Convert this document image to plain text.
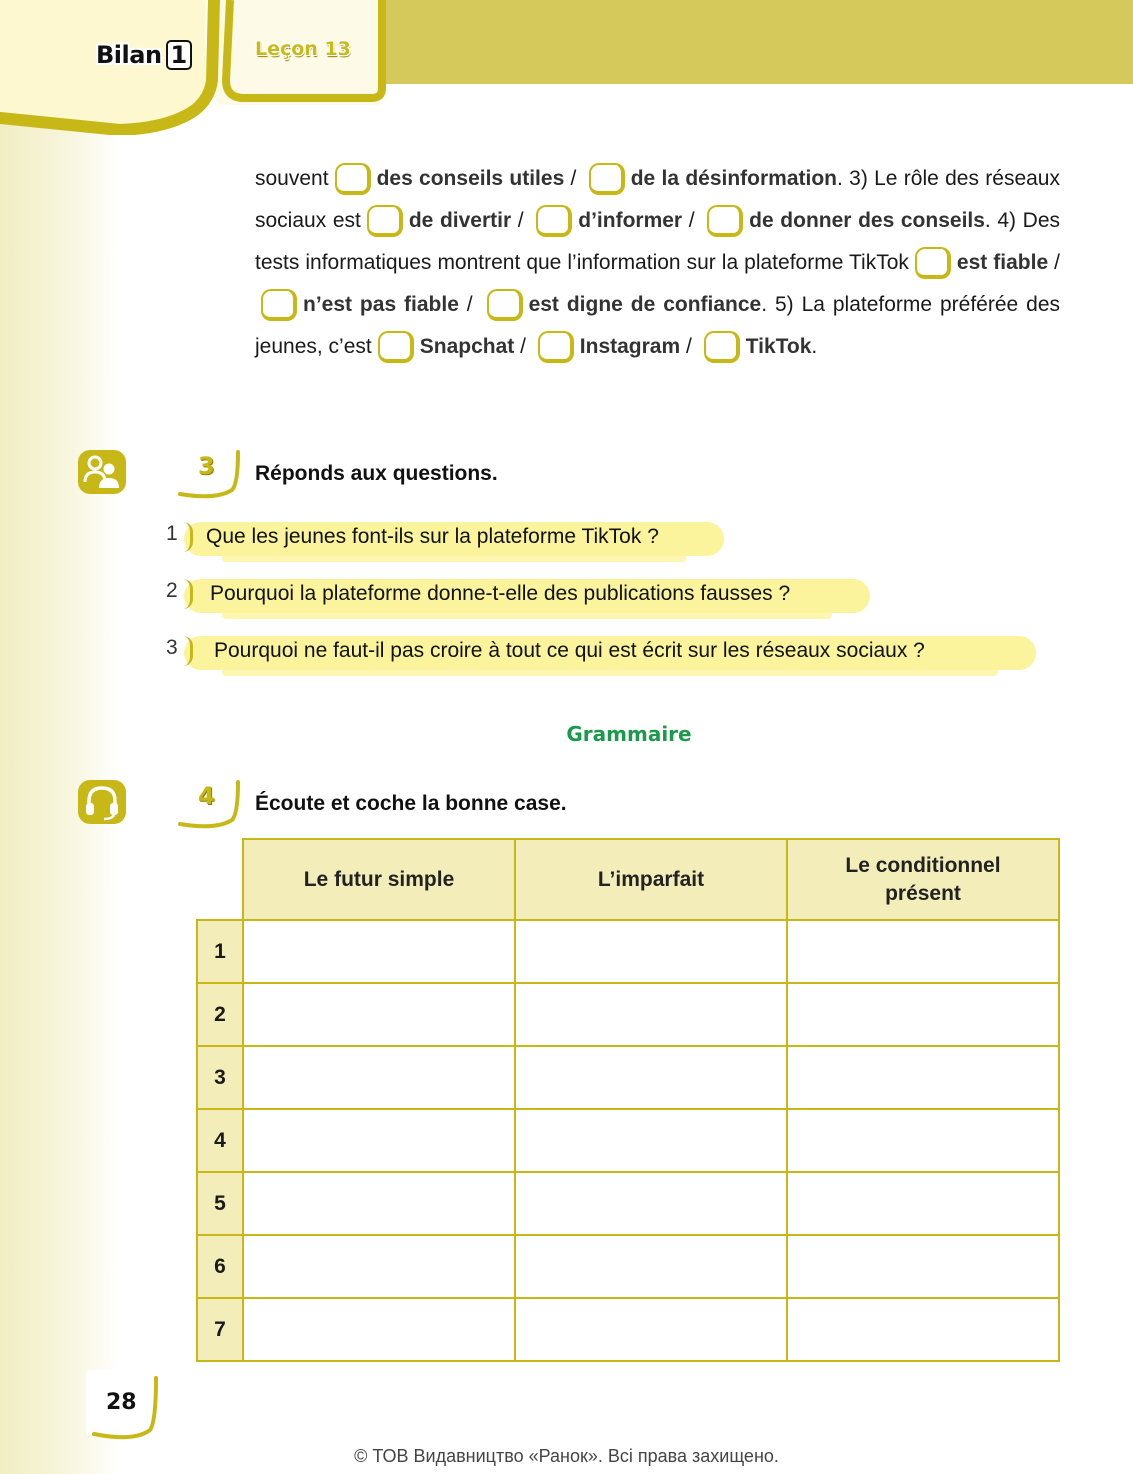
Bilan 1	Leçon 13
souvent des conseils utiles / de la désinformation. 3) Le rôle des réseaux sociaux est de divertir / d’informer / de donner des conseils. 4) Des tests informatiques montrent que l’information sur la plateforme TikTok est fiable / n’est pas fiable / est digne de confiance. 5) La plateforme préférée des jeunes, c’est Snapchat / Instagram / TikTok.
3 Réponds aux questions.
1 Que les jeunes font-ils sur la plateforme TikTok ?
2 Pourquoi la plateforme donne-t-elle des publications fausses ?
3 Pourquoi ne faut-il pas croire à tout ce qui est écrit sur les réseaux sociaux ?
Grammaire
4 Écoute et coche la bonne case.
	Le futur simple	L’imparfait	Le conditionnel présent
1			
2			
3			
4			
5			
6			
7			
28
© ТОВ Видавництво «Ранок». Всі права захищено.
